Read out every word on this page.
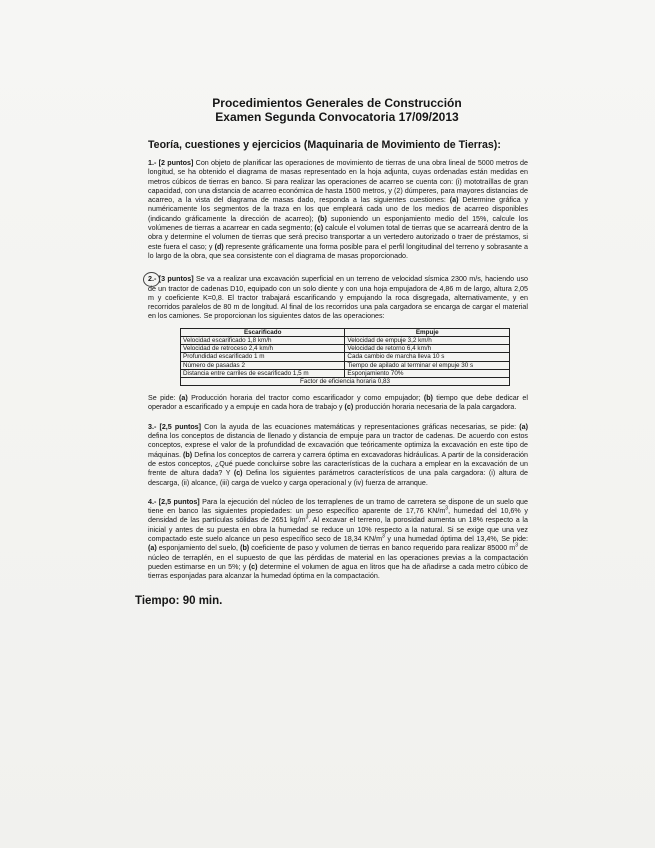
Procedimientos Generales de Construcción

Examen Segunda Convocatoria 17/09/2013

Teoría, cuestiones y ejercicios (Maquinaria de Movimiento de Tierras):

1.- [2 puntos] Con objeto de planificar las operaciones de movimiento de tierras de una obra lineal de 5000 metros de longitud, se ha obtenido el diagrama de masas representado en la hoja adjunta, cuyas ordenadas están medidas en metros cúbicos de tierras en banco. Si para realizar las operaciones de acarreo se cuenta con: (i) mototraíllas de gran capacidad, con una distancia de acarreo económica de hasta 1500 metros, y (2) dúmperes, para mayores distancias de acarreo, a la vista del diagrama de masas dado, responda a las siguientes cuestiones: (a) Determine gráfica y numéricamente los segmentos de la traza en los que empleará cada uno de los medios de acarreo disponibles (indicando gráficamente la dirección de acarreo); (b) suponiendo un esponjamiento medio del 15%, calcule los volúmenes de tierras a acarrear en cada segmento; (c) calcule el volumen total de tierras que se acarreará dentro de la obra y determine el volumen de tierras que será preciso transportar a un vertedero autorizado o traer de préstamos, si este fuera el caso; y (d) represente gráficamente una forma posible para el perfil longitudinal del terreno y sobrasante a lo largo de la obra, que sea consistente con el diagrama de masas proporcionado.

2.- [3 puntos] Se va a realizar una excavación superficial en un terreno de velocidad sísmica 2300 m/s, haciendo uso de un tractor de cadenas D10, equipado con un solo diente y con una hoja empujadora de 4,86 m de largo, altura 2,05 m y coeficiente K=0,8. El tractor trabajará escarificando y empujando la roca disgregada, alternativamente, y en recorridos paralelos de 80 m de longitud. Al final de los recorridos una pala cargadora se encarga de cargar el material en los camiones. Se proporcionan los siguientes datos de las operaciones:

Escarificado	Empuje
Velocidad escarificado 1,8 km/h	Velocidad de empuje 3,2 km/h
Velocidad de retroceso 2,4 km/h	Velocidad de retorno 6,4 km/h
Profundidad escarificado 1 m	Cada cambio de marcha lleva 10 s
Número de pasadas 2	Tiempo de apilado al terminar el empuje 30 s
Distancia entre carriles de escarificado 1,5 m	Esponjamiento 70%
Factor de eficiencia horaria 0,83	

Se pide: (a) Producción horaria del tractor como escarificador y como empujador; (b) tiempo que debe dedicar el operador a escarificado y a empuje en cada hora de trabajo y (c) producción horaria necesaria de la pala cargadora.

3.- [2,5 puntos] Con la ayuda de las ecuaciones matemáticas y representaciones gráficas necesarias, se pide: (a) defina los conceptos de distancia de llenado y distancia de empuje para un tractor de cadenas. De acuerdo con estos conceptos, exprese el valor de la profundidad de excavación que teóricamente optimiza la excavación en este tipo de máquinas. (b) Defina los conceptos de carrera y carrera óptima en excavadoras hidráulicas. A partir de la consideración de estos conceptos, ¿Qué puede concluirse sobre las características de la cuchara a emplear en la excavación de un frente de altura dada? Y (c) Defina los siguientes parámetros característicos de una pala cargadora: (i) altura de descarga, (ii) alcance, (iii) carga de vuelco y carga operacional y (iv) fuerza de arranque.

4.- [2,5 puntos] Para la ejecución del núcleo de los terraplenes de un tramo de carretera se dispone de un suelo que tiene en banco las siguientes propiedades: un peso específico aparente de 17,76 $KN/m^3$, humedad del 10,6% y densidad de las partículas sólidas de 2651 $kg/m^3$. Al excavar el terreno, la porosidad aumenta un 18% respecto a la inicial y antes de su puesta en obra la humedad se reduce un 10% respecto a la natural. Si se exige que una vez compactado este suelo alcance un peso específico seco de 18,34 $KN/m^3$ y una humedad óptima del 13,4%, Se pide: (a) esponjamiento del suelo, (b) coeficiente de paso y volumen de tierras en banco requerido para realizar 85000 $m^3$ de núcleo de terraplén, en el supuesto de que las pérdidas de material en las operaciones previas a la compactación pueden estimarse en un 5%; y (c) determine el volumen de agua en litros que ha de añadirse a cada metro cúbico de tierras esponjadas para alcanzar la humedad óptima en la compactación.

Tiempo: 90 min.
